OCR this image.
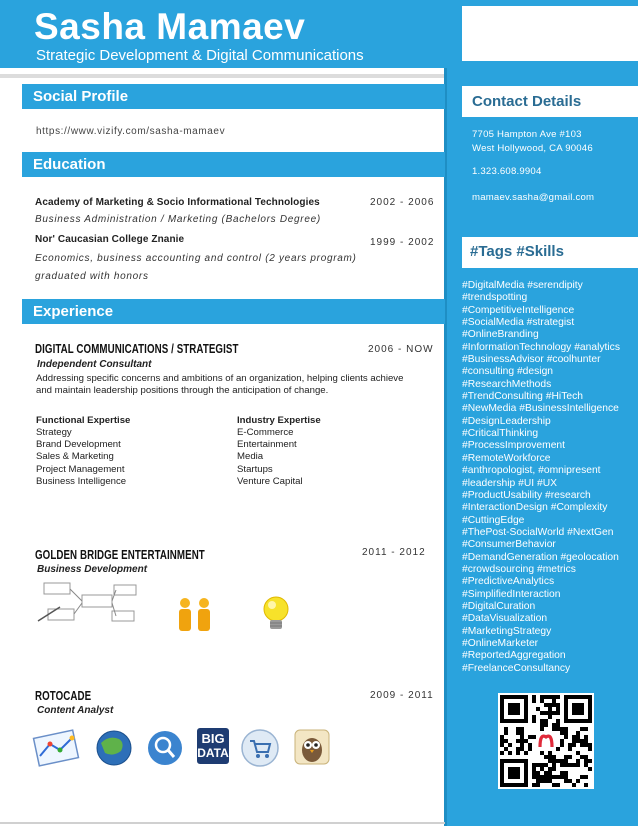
Sasha Mamaev
Strategic Development & Digital Communications
Social Profile
https://www.vizify.com/sasha-mamaev
Education
Academy of Marketing & Socio Informational Technologies	2002 - 2006
Business Administration / Marketing (Bachelors Degree)
Nor' Caucasian College Znanie	1999 - 2002
Economics, business accounting and control (2 years program)
graduated with honors
Experience
DIGITAL COMMUNICATIONS / STRATEGIST	2006 - NOW
Independent Consultant
Addressing specific concerns and ambitions of an organization, helping clients achieve
and maintain leadership positions through the anticipation of change.
Functional Expertise
Strategy
Brand Development
Sales & Marketing
Project Management
Business Intelligence
Industry Expertise
E-Commerce
Entertainment
Media
Startups
Venture Capital
GOLDEN BRIDGE ENTERTAINMENT	2011 - 2012
Business Development
ROTOCADE	2009 - 2011
Content Analyst
BIG
DATA
Contact Details
7705 Hampton Ave #103
West Hollywood, CA 90046
1.323.608.9904
mamaev.sasha@gmail.com
#Tags #Skills
#DigitalMedia #serendipity
#trendspotting
#CompetitiveIntelligence
#SocialMedia #strategist
#OnlineBranding
#InformationTechnology #analytics
#BusinessAdvisor #coolhunter
#consulting #design
#ResearchMethods
#TrendConsulting #HiTech
#NewMedia #BusinessIntelligence
#DesignLeadership
#CriticalThinking
#ProcessImprovement
#RemoteWorkforce
#anthropologist, #omnipresent
#leadership #UI #UX
#ProductUsability #research
#InteractionDesign #Complexity
#CuttingEdge
#ThePost-SocialWorld #NextGen
#ConsumerBehavior
#DemandGeneration #geolocation
#crowdsourcing #metrics
#PredictiveAnalytics
#SimplifiedInteraction
#DigitalCuration
#DataVisualization
#MarketingStrategy
#OnlineMarketer
#ReportedAggregation
#FreelanceConsultancy
